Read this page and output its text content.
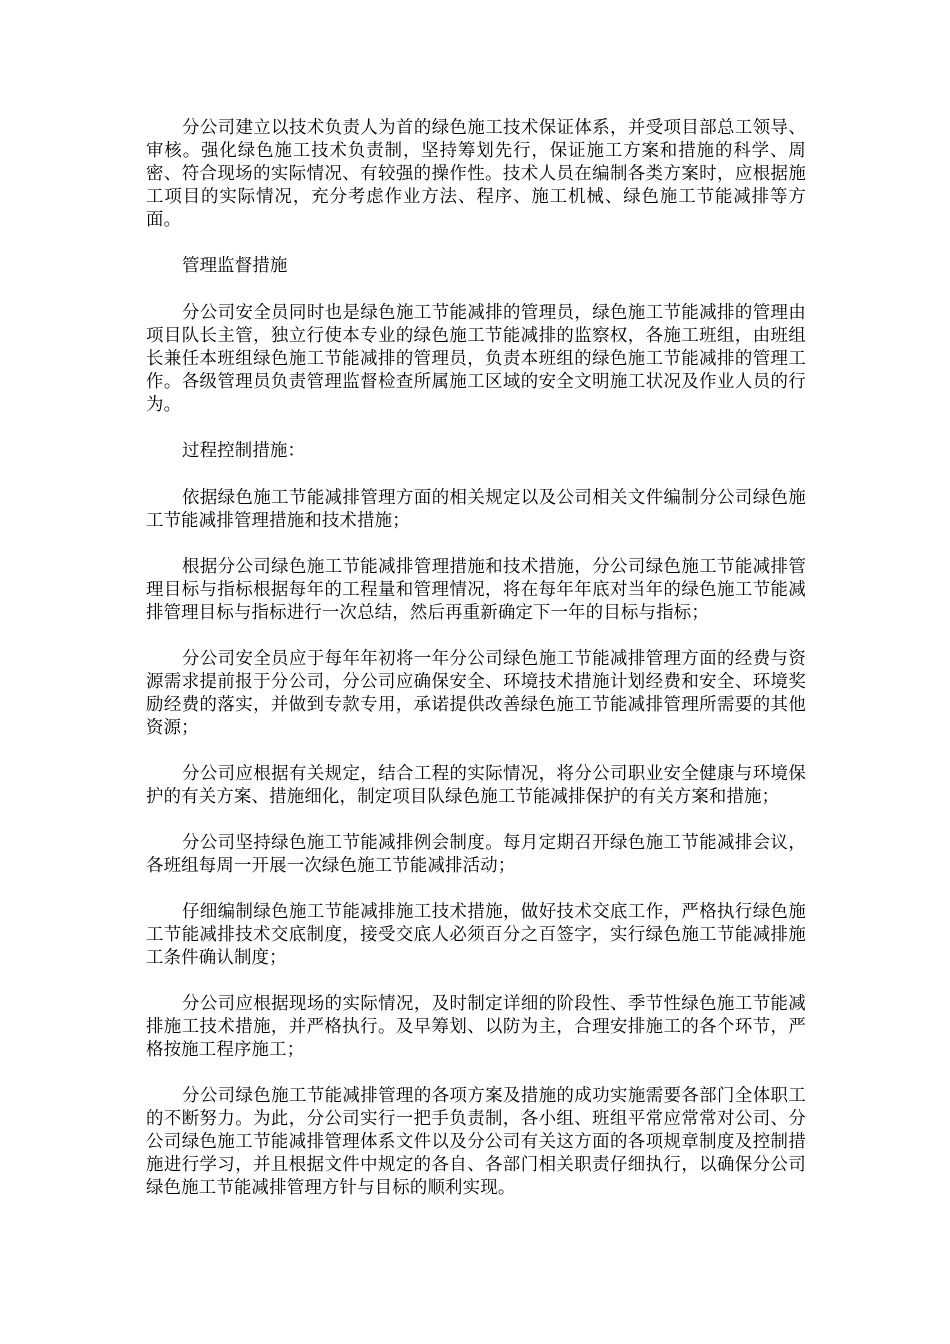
分公司建立以技术负责人为首的绿色施工技术保证体系，并受项目部总工领导、审核。强化绿色施工技术负责制，坚持筹划先行，保证施工方案和措施的科学、周密、符合现场的实际情况、有较强的操作性。技术人员在编制各类方案时，应根据施工项目的实际情况，充分考虑作业方法、程序、施工机械、绿色施工节能减排等方面。

管理监督措施

分公司安全员同时也是绿色施工节能减排的管理员，绿色施工节能减排的管理由项目队长主管，独立行使本专业的绿色施工节能减排的监察权，各施工班组，由班组长兼任本班组绿色施工节能减排的管理员，负责本班组的绿色施工节能减排的管理工作。各级管理员负责管理监督检查所属施工区域的安全文明施工状况及作业人员的行为。

过程控制措施：

依据绿色施工节能减排管理方面的相关规定以及公司相关文件编制分公司绿色施工节能减排管理措施和技术措施；

根据分公司绿色施工节能减排管理措施和技术措施，分公司绿色施工节能减排管理目标与指标根据每年的工程量和管理情况，将在每年年底对当年的绿色施工节能减排管理目标与指标进行一次总结，然后再重新确定下一年的目标与指标；

分公司安全员应于每年年初将一年分公司绿色施工节能减排管理方面的经费与资源需求提前报于分公司，分公司应确保安全、环境技术措施计划经费和安全、环境奖励经费的落实，并做到专款专用，承诺提供改善绿色施工节能减排管理所需要的其他资源；

分公司应根据有关规定，结合工程的实际情况，将分公司职业安全健康与环境保护的有关方案、措施细化，制定项目队绿色施工节能减排保护的有关方案和措施；

分公司坚持绿色施工节能减排例会制度。每月定期召开绿色施工节能减排会议，各班组每周一开展一次绿色施工节能减排活动；

仔细编制绿色施工节能减排施工技术措施，做好技术交底工作，严格执行绿色施工节能减排技术交底制度，接受交底人必须百分之百签字，实行绿色施工节能减排施工条件确认制度；

分公司应根据现场的实际情况，及时制定详细的阶段性、季节性绿色施工节能减排施工技术措施，并严格执行。及早筹划、以防为主，合理安排施工的各个环节，严格按施工程序施工；

分公司绿色施工节能减排管理的各项方案及措施的成功实施需要各部门全体职工的不断努力。为此，分公司实行一把手负责制，各小组、班组平常应常常对公司、分公司绿色施工节能减排管理体系文件以及分公司有关这方面的各项规章制度及控制措施进行学习，并且根据文件中规定的各自、各部门相关职责仔细执行，以确保分公司绿色施工节能减排管理方针与目标的顺利实现。
